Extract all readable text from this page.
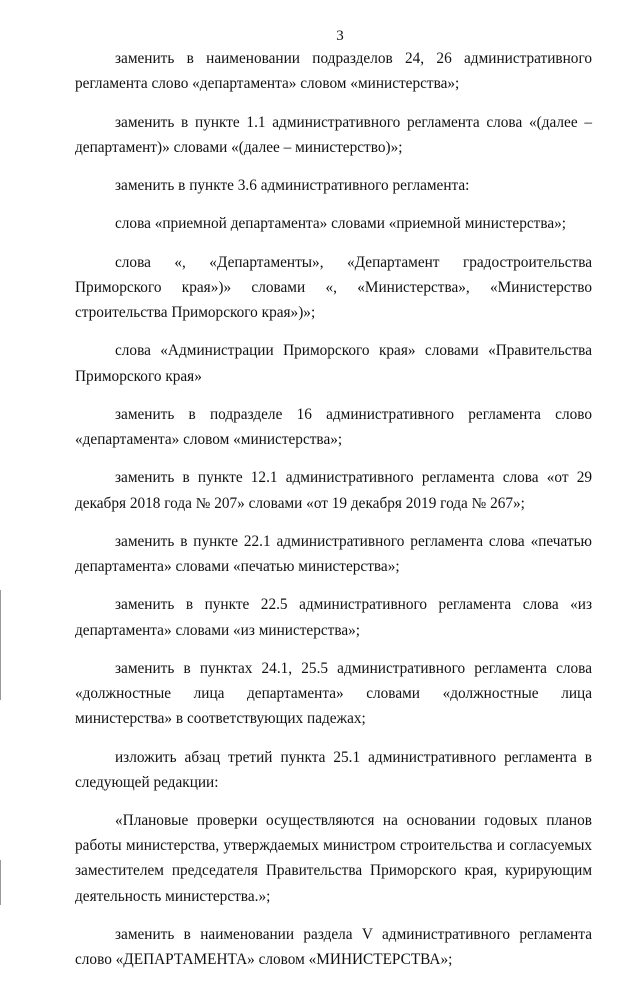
3

заменить в наименовании подразделов 24, 26 административного регламента слово «департамента» словом «министерства»;

заменить в пункте 1.1 административного регламента слова «(далее – департамент)» словами «(далее – министерство)»;

заменить в пункте 3.6 административного регламента:

слова «приемной департамента» словами «приемной министерства»;

слова «, «Департаменты», «Департамент градостроительства Приморского края»)» словами «, «Министерства», «Министерство строительства Приморского края»)»;

слова «Администрации Приморского края» словами «Правительства Приморского края»

заменить в подразделе 16 административного регламента слово «департамента» словом «министерства»;

заменить в пункте 12.1 административного регламента слова «от 29 декабря 2018 года № 207» словами «от 19 декабря 2019 года № 267»;

заменить в пункте 22.1 административного регламента слова «печатью департамента» словами «печатью министерства»;

заменить в пункте 22.5 административного регламента слова «из департамента» словами «из министерства»;

заменить в пунктах 24.1, 25.5 административного регламента слова «должностные лица департамента» словами «должностные лица министерства» в соответствующих падежах;

изложить абзац третий пункта 25.1 административного регламента в следующей редакции:

«Плановые проверки осуществляются на основании годовых планов работы министерства, утверждаемых министром строительства и согласуемых заместителем председателя Правительства Приморского края, курирующим деятельность министерства.»;

заменить в наименовании раздела V административного регламента слово «ДЕПАРТАМЕНТА» словом «МИНИСТЕРСТВА»;
